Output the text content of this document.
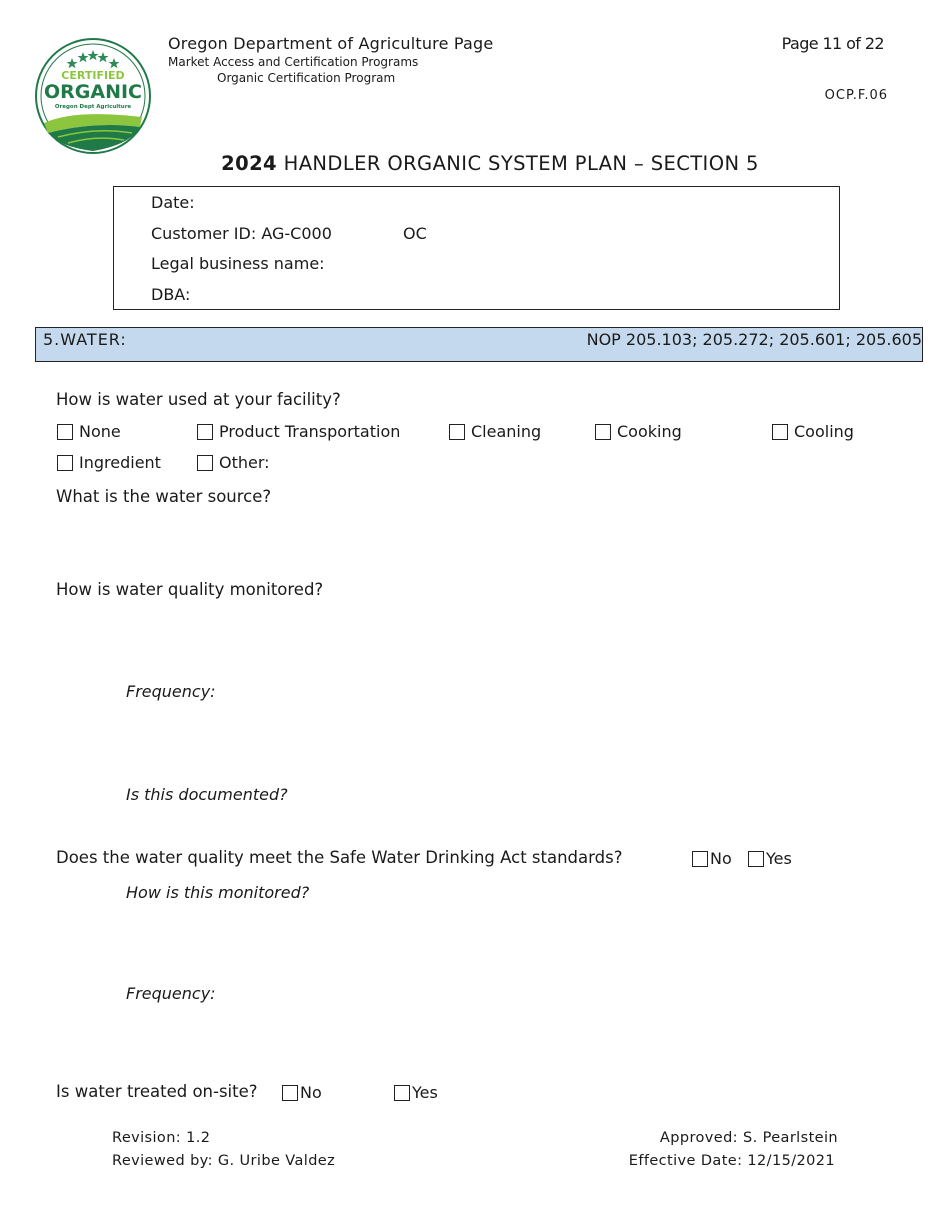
CERTIFIED
ORGANIC
Oregon Dept Agriculture
Oregon Department of Agriculture Page
Market Access and Certification Programs
Organic Certification Program
Page 11 of 22
OCP.F.06
2024 HANDLER ORGANIC SYSTEM PLAN – SECTION 5
Date:
Customer ID: AG-C000	OC
Legal business name:
DBA:
5.WATER:	NOP 205.103; 205.272; 205.601; 205.605
How is water used at your facility?
None	Product Transportation	Cleaning	Cooking	Cooling
Ingredient	Other:
What is the water source?
How is water quality monitored?
Frequency:
Is this documented?
Does the water quality meet the Safe Water Drinking Act standards?	No	Yes
How is this monitored?
Frequency:
Is water treated on-site?	No	Yes
Revision: 1.2
Reviewed by: G. Uribe Valdez
Approved: S. Pearlstein
Effective Date: 12/15/2021
